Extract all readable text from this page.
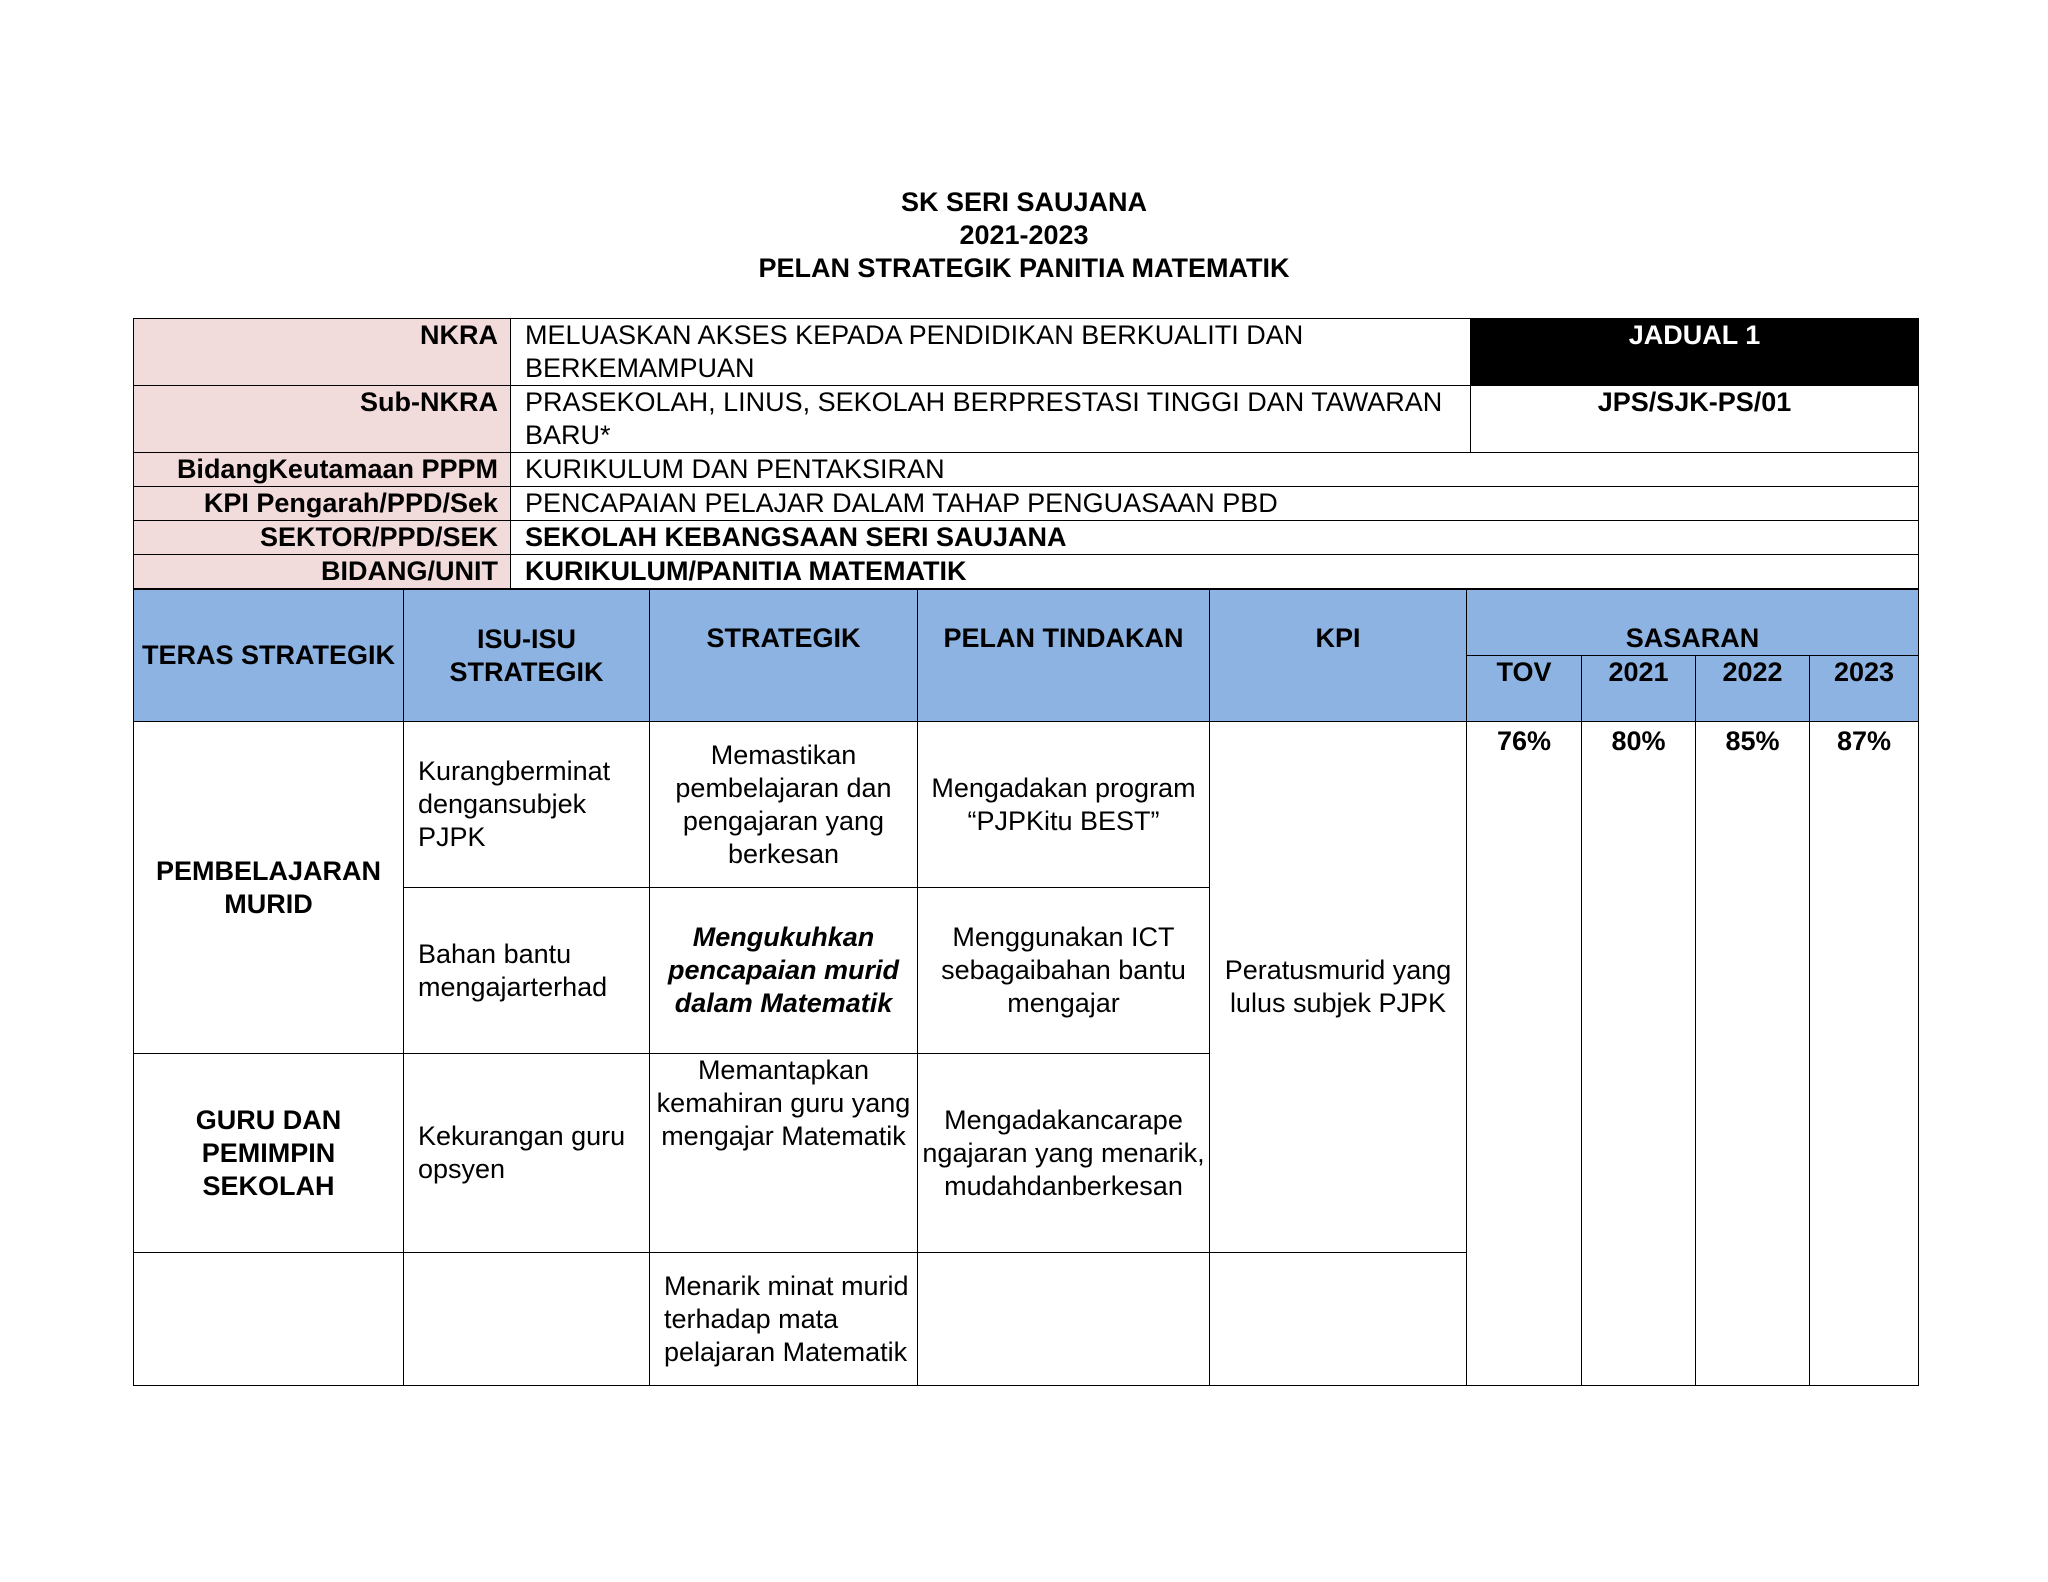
SK SERI SAUJANA
2021-2023
PELAN STRATEGIK PANITIA MATEMATIK
NKRA	MELUASKAN AKSES KEPADA PENDIDIKAN BERKUALITI DAN BERKEMAMPUAN	JADUAL 1
Sub-NKRA	PRASEKOLAH, LINUS, SEKOLAH BERPRESTASI TINGGI DAN TAWARAN BARU*	JPS/SJK-PS/01
BidangKeutamaan PPPM	KURIKULUM DAN PENTAKSIRAN	
KPI Pengarah/PPD/Sek	PENCAPAIAN PELAJAR DALAM TAHAP PENGUASAAN PBD	
SEKTOR/PPD/SEK	SEKOLAH KEBANGSAAN SERI SAUJANA	
BIDANG/UNIT	KURIKULUM/PANITIA MATEMATIK	
TERAS STRATEGIK	ISU-ISU STRATEGIK	STRATEGIK	PELAN TINDAKAN	KPI	SASARAN			
					TOV	2021	2022	2023
PEMBELAJARAN MURID	Kurangberminat dengansubjek PJPK	Memastikan pembelajaran dan pengajaran yang berkesan	Mengadakan program “PJPKitu BEST”	Peratusmurid yang lulus subjek PJPK	76%	80%	85%	87%
	Bahan bantu mengajarterhad	Mengukuhkan pencapaian murid dalam Matematik	Menggunakan ICT sebagaibahan bantu mengajar					
GURU DAN PEMIMPIN SEKOLAH	Kekurangan guru opsyen	Memantapkan kemahiran guru yang mengajar Matematik	Mengadakancarape ngajaran yang menarik, mudahdanberkesan					
		Menarik minat murid terhadap mata pelajaran Matematik						
